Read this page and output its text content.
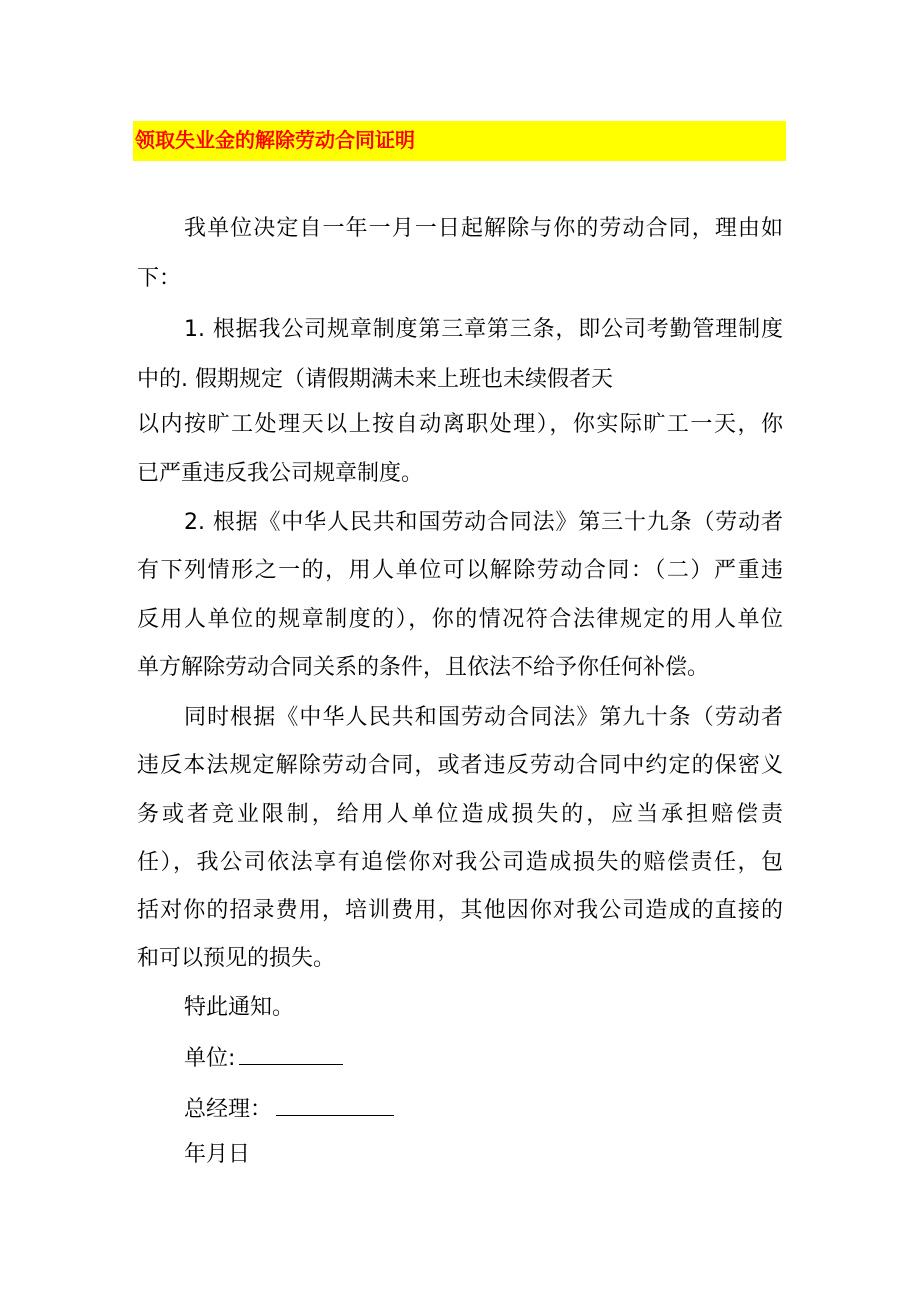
领取失业金的解除劳动合同证明
我单位决定自一年一月一日起解除与你的劳动合同，理由如
下：
1. 根据我公司规章制度第三章第三条，即公司考勤管理制度
中的. 假期规定（请假期满未来上班也未续假者天
以内按旷工处理天以上按自动离职处理），你实际旷工一天，你
已严重违反我公司规章制度。
2. 根据《中华人民共和国劳动合同法》第三十九条（劳动者
有下列情形之一的，用人单位可以解除劳动合同：（二）严重违
反用人单位的规章制度的），你的情况符合法律规定的用人单位
单方解除劳动合同关系的条件，且依法不给予你任何补偿。
同时根据《中华人民共和国劳动合同法》第九十条（劳动者
违反本法规定解除劳动合同，或者违反劳动合同中约定的保密义
务或者竞业限制，给用人单位造成损失的，应当承担赔偿责
任），我公司依法享有追偿你对我公司造成损失的赔偿责任，包
括对你的招录费用，培训费用，其他因你对我公司造成的直接的
和可以预见的损失。
特此通知。
单位:
总经理：
年月日
